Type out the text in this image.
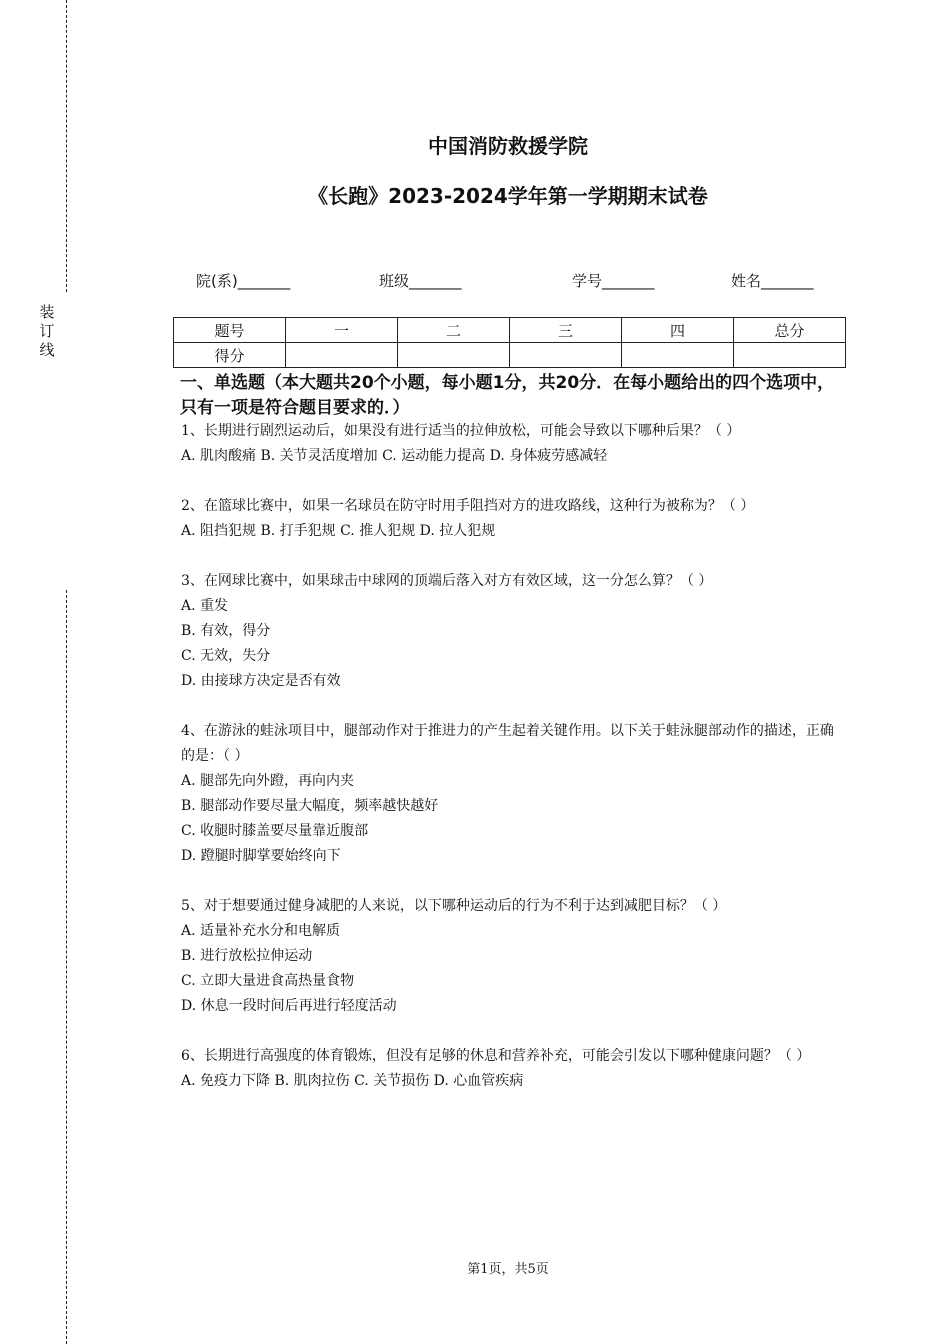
装
订
线
中国消防救援学院
《长跑》2023-2024学年第一学期期末试卷
院(系)_______	班级_______	学号_______	姓名_______
题号	一	二	三	四	总分
得分					
一、单选题（本大题共20个小题，每小题1分，共20分．在每小题给出的四个选项中，只有一项是符合题目要求的．）

1、长期进行剧烈运动后，如果没有进行适当的拉伸放松，可能会导致以下哪种后果？（ ）

A. 肌肉酸痛 B. 关节灵活度增加 C. 运动能力提高 D. 身体疲劳感减轻

2、在篮球比赛中，如果一名球员在防守时用手阻挡对方的进攻路线，这种行为被称为？（ ）

A. 阻挡犯规 B. 打手犯规 C. 推人犯规 D. 拉人犯规

3、在网球比赛中，如果球击中球网的顶端后落入对方有效区域，这一分怎么算？（ ）

A. 重发

B. 有效，得分

C. 无效，失分

D. 由接球方决定是否有效

4、在游泳的蛙泳项目中，腿部动作对于推进力的产生起着关键作用。以下关于蛙泳腿部动作的描述，正确的是：（ ）

A. 腿部先向外蹬，再向内夹

B. 腿部动作要尽量大幅度，频率越快越好

C. 收腿时膝盖要尽量靠近腹部

D. 蹬腿时脚掌要始终向下

5、对于想要通过健身减肥的人来说，以下哪种运动后的行为不利于达到减肥目标？（ ）

A. 适量补充水分和电解质

B. 进行放松拉伸运动

C. 立即大量进食高热量食物

D. 休息一段时间后再进行轻度活动

6、长期进行高强度的体育锻炼，但没有足够的休息和营养补充，可能会引发以下哪种健康问题？（ ）

A. 免疫力下降 B. 肌肉拉伤 C. 关节损伤 D. 心血管疾病

第1页，共5页
